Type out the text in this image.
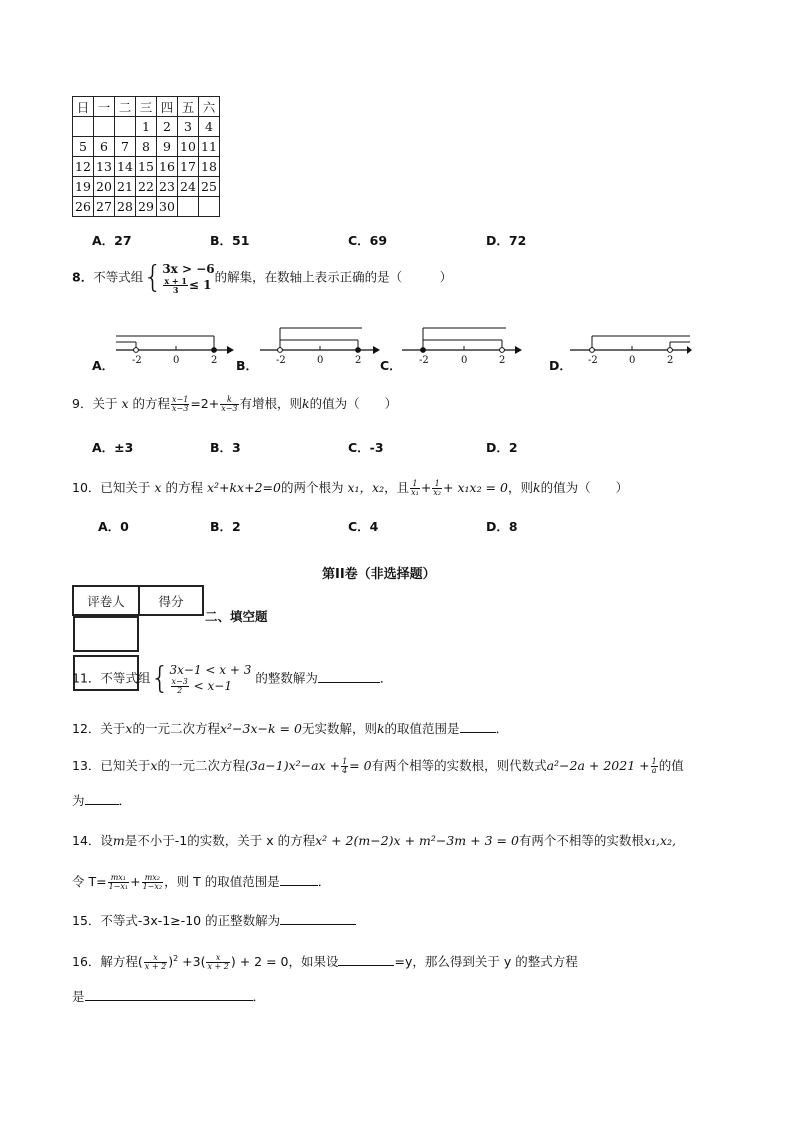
日	一	二	三	四	五	六
			1	2	3	4
5	6	7	8	9	10	11
12	13	14	15	16	17	18
19	20	21	22	23	24	25
26	27	28	29	30		
A．27	B．51	C．69	D．72
8．不等式组{3x > −6

$\frac{x + 1}{3} \le 1$的解集，在数轴上表示正确的是（　　　）
-2	0	2	-2	0	2	-2	0	2	-2	0	2
A．	B．	C．	D．
9．关于 x 的方程 $\frac{x-1}{x-3} =2+ \frac{k}{x-3}$ 有增根，则k的值为（　　）
A．±3	B．3	C．-3	D．2
10．已知关于 x 的方程 x²+kx+2=0的两个根为 x₁，x₂，且 $\frac{1}{\text{x₁}} + \frac{1}{\text{x₂}} + x_1x_2 = 0$，则k的值为（　　）
A．0	B．2	C．4	D．8
第II卷（非选择题）
评卷人	得分

二、填空题
11．不等式组{3x−1 < x + 3

$\frac{x-3}{2} < x-1$ 的整数解为	．
12．关于x的一元二次方程x²−3x−k = 0无实数解，则k的取值范围是	．
13．已知关于x的一元二次方程$(3a-1)x^2-ax + \frac{1}{4} = 0$有两个相等的实数根，则代数式$a^2-2a + 2021 + \frac{1}{a}$ 的值
为	．
14．设m是不小于-1的实数，关于 x 的方程x² + 2(m−2)x + m²−3m + 3 = 0有两个不相等的实数根x₁,x₂,
令 $T= \frac{\text{mx₁}}{\text{1−x₁}} + \frac{\text{mx₂}}{\text{1−x₂}}$ ，则 T 的取值范围是	．
15．不等式-3x-1≥-10 的正整数解为
16．解方程( $\frac{x}{x + 2} )^2 +3( \frac{x}{x + 2}$ ) + 2 = 0，如果设	=y，那么得到关于 y 的整式方程
是	．
